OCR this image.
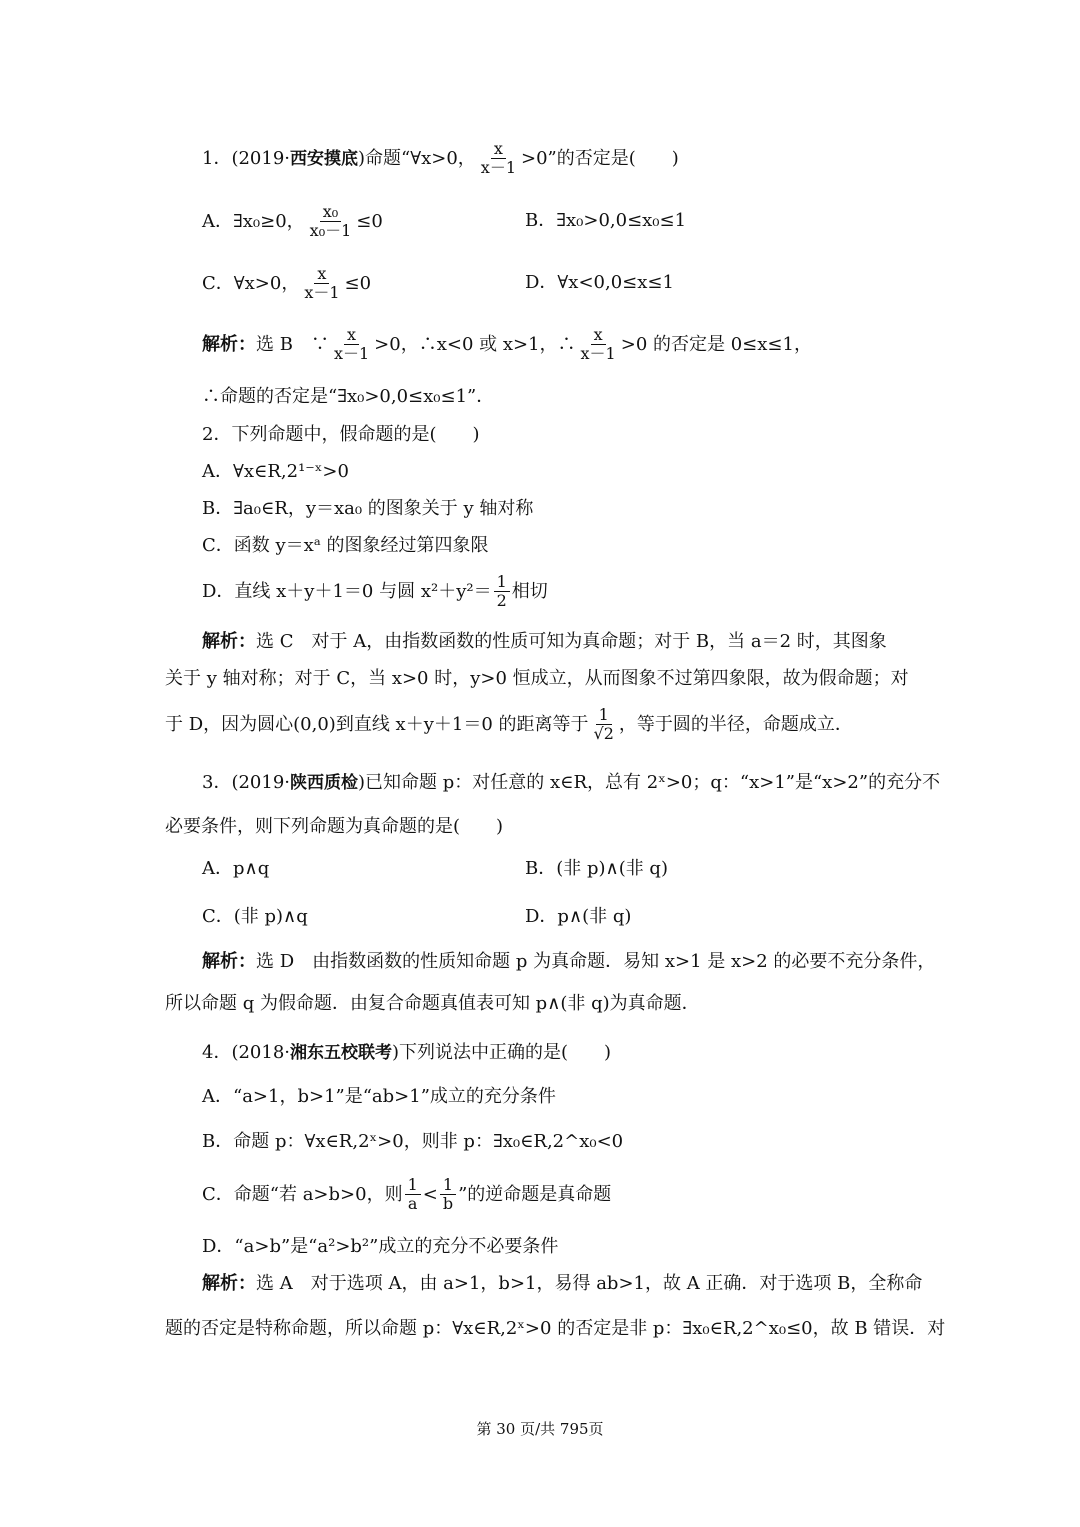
1．(2019·西安摸底)命题“∀x>0， $\frac{x}{x-1} >0$”的否定是(　　)
A．∃x₀≥0， $\frac{\text{x₀}}{\text{x₀－1}} \le 0$	B．∃x₀>0,0≤x₀≤1
C．∀x>0， $\frac{x}{x-1} \le 0$	D．∀x<0,0≤x≤1
解析：选 B　∵ $\frac{x}{x-1} >0$，∴x<0 或 x>1，∴ $\frac{x}{x-1} >0$ 的否定是 0≤x≤1，
∴命题的否定是“∃x₀>0,0≤x₀≤1”．
2．下列命题中，假命题的是(　　)
A．∀x∈R,2¹⁻ˣ>0
B．∃a₀∈R，y＝xa₀ 的图象关于 y 轴对称
C．函数 y＝xᵃ 的图象经过第四象限
D．直线 x＋y＋1＝0 与圆 $x^2+y^2= \frac{1}{2}$ 相切
解析：选 C　对于 A，由指数函数的性质可知为真命题；对于 B，当 a＝2 时，其图象
关于 y 轴对称；对于 C，当 x>0 时，y>0 恒成立，从而图象不过第四象限，故为假命题；对
于 D，因为圆心(0,0)到直线 x＋y＋1＝0 的距离等于 $\frac{1}{√2}$ ，等于圆的半径，命题成立．
3．(2019·陕西质检)已知命题 p：对任意的 x∈R，总有 2ˣ>0；q：“x>1”是“x>2”的充分不
必要条件，则下列命题为真命题的是(　　)
A．p∧q	B．(非 p)∧(非 q)
C．(非 p)∧q	D．p∧(非 q)
解析：选 D　由指数函数的性质知命题 p 为真命题．易知 x>1 是 x>2 的必要不充分条件，
所以命题 q 为假命题．由复合命题真值表可知 p∧(非 q)为真命题．
4．(2018·湘东五校联考)下列说法中正确的是(　　)
A．“a>1，b>1”是“ab>1”成立的充分条件
B．命题 p：∀x∈R,2ˣ>0，则非 p：∃x₀∈R,2^x₀<0
C．命题“若 a>b>0，则 $\frac{1}{a} < \frac{1}{b}$ ”的逆命题是真命题
D．“a>b”是“a²>b²”成立的充分不必要条件
解析：选 A　对于选项 A，由 a>1，b>1，易得 ab>1，故 A 正确．对于选项 B，全称命
题的否定是特称命题，所以命题 p：∀x∈R,2ˣ>0 的否定是非 p：∃x₀∈R,2^x₀≤0，故 B 错误．对
第 30 页/共 795页
